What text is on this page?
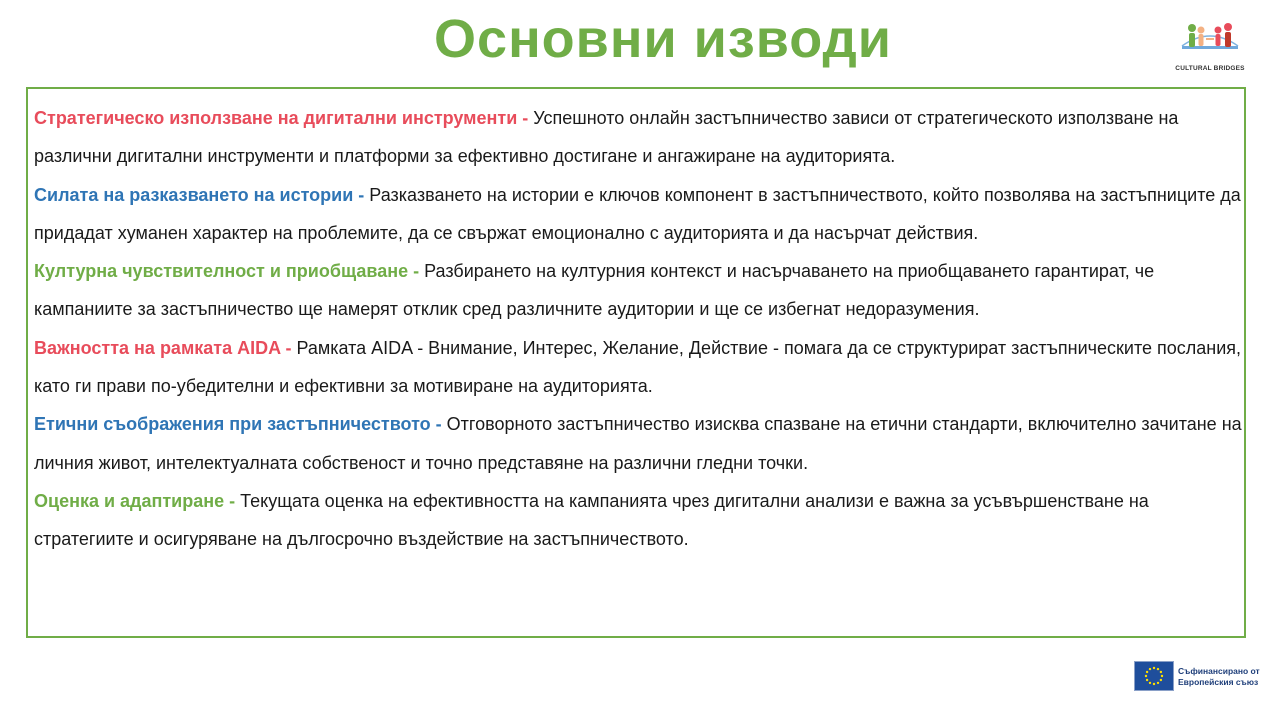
Основни изводи	CULTURAL BRIDGES
Стратегическо използване на дигитални инструменти - Успешното онлайн застъпничество зависи от стратегическото използване на различни дигитални инструменти и платформи за ефективно достигане и ангажиране на аудиторията.
Силата на разказването на истории - Разказването на истории е ключов компонент в застъпничеството, който позволява на застъпниците да придадат хуманен характер на проблемите, да се свържат емоционално с аудиторията и да насърчат действия.
Културна чувствителност и приобщаване - Разбирането на културния контекст и насърчаването на приобщаването гарантират, че кампаниите за застъпничество ще намерят отклик сред различните аудитории и ще се избегнат недоразумения.
Важността на рамката AIDA - Рамката AIDA - Внимание, Интерес, Желание, Действие - помага да се структурират застъпническите послания, като ги прави по-убедителни и ефективни за мотивиране на аудиторията.
Етични съображения при застъпничеството - Отговорното застъпничество изисква спазване на етични стандарти, включително зачитане на личния живот, интелектуалната собственост и точно представяне на различни гледни точки.
Оценка и адаптиране - Текущата оценка на ефективността на кампанията чрез дигитални анализи е важна за усъвършенстване на стратегиите и осигуряване на дългосрочно въздействие на застъпничеството.
Съфинансирано от
Европейския съюз
